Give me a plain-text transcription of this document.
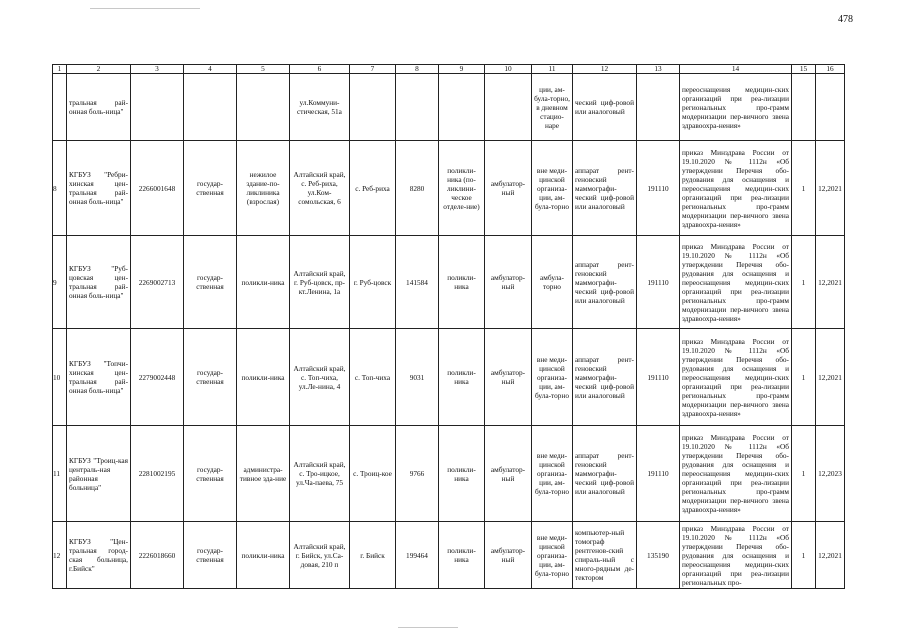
478
1	2	3	4	5	6	7	8	9	10	11	12	13	14	15	16

	тральная рай-онная боль-ница"				ул.Коммуни-стическая, 51а					ции, ам-була-торно, в дневном стацио-наре	ческий циф-ровой или аналоговый		переоснащения медицин-ских организаций при реа-лизации региональных про-грамм модернизации пер-вичного звена здравоохра-нения»		

8	КГБУЗ "Ребри-хинская цен-тральная рай-онная боль-ница"	2266001648	государ-ственная	нежилое здание-по-ликлиника (взрослая)	Алтайский край, с. Реб-риха, ул.Ком-сомольская, 6	с. Реб-риха	8280	поликли-ника (по-ликлини-ческое отделе-ние)	амбулатор-ный	вне меди-цинской организа-ции, ам-була-торно	аппарат рент-геновский маммографи-ческий циф-ровой или аналоговый	191110	приказ Минздрава России от 19.10.2020 № 1112н «Об утверждении Перечня обо-рудования для оснащения и переоснащения медицин-ских организаций при реа-лизации региональных про-грамм модернизации пер-вичного звена здравоохра-нения»	1	12,2021

9	КГБУЗ "Руб-цовская цен-тральная рай-онная боль-ница"	2269002713	государ-ственная	поликли-ника	Алтайский край, г. Руб-цовск, пр-кт.Ленина, 1а	г. Руб-цовск	141584	поликли-ника	амбулатор-ный	амбула-торно	аппарат рент-геновский маммографи-ческий циф-ровой или аналоговый	191110	приказ Минздрава России от 19.10.2020 № 1112н «Об утверждении Перечня обо-рудования для оснащения и переоснащения медицин-ских организаций при реа-лизации региональных про-грамм модернизации пер-вичного звена здравоохра-нения»	1	12,2021

10	КГБУЗ "Топчи-хинская цен-тральная рай-онная боль-ница"	2279002448	государ-ственная	поликли-ника	Алтайский край, с. Топ-чиха, ул.Ле-нина, 4	с. Топ-чиха	9031	поликли-ника	амбулатор-ный	вне меди-цинской организа-ции, ам-була-торно	аппарат рент-геновский маммографи-ческий циф-ровой или аналоговый	191110	приказ Минздрава России от 19.10.2020 № 1112н «Об утверждении Перечня обо-рудования для оснащения и переоснащения медицин-ских организаций при реа-лизации региональных про-грамм модернизации пер-вичного звена здравоохра-нения»	1	12,2021

11	КГБУЗ "Троиц-кая централь-ная районная больница"	2281002195	государ-ственная	администра-тивное зда-ние	Алтайский край, с. Тро-ицкое, ул.Ча-паева, 75	с. Троиц-кое	9766	поликли-ника	амбулатор-ный	вне меди-цинской организа-ции, ам-була-торно	аппарат рент-геновский маммографи-ческий циф-ровой или аналоговый	191110	приказ Минздрава России от 19.10.2020 № 1112н «Об утверждении Перечня обо-рудования для оснащения и переоснащения медицин-ских организаций при реа-лизации региональных про-грамм модернизации пер-вичного звена здравоохра-нения»	1	12,2023

12	КГБУЗ "Цен-тральная город-ская больница, г.Бийск"	2226018660	государ-ственная	поликли-ника	Алтайский край, г. Бийск, ул.Са-довая, 210 п	г. Бийск	199464	поликли-ника	амбулатор-ный	вне меди-цинской организа-ции, ам-була-торно	компьютер-ный томограф рентгенов-ский спираль-ный с много-рядным де-тектором	135190	приказ Минздрава России от 19.10.2020 № 1112н «Об утверждении Перечня обо-рудования для оснащения и переоснащения медицин-ских организаций при реа-лизации региональных про-	1	12,2021
